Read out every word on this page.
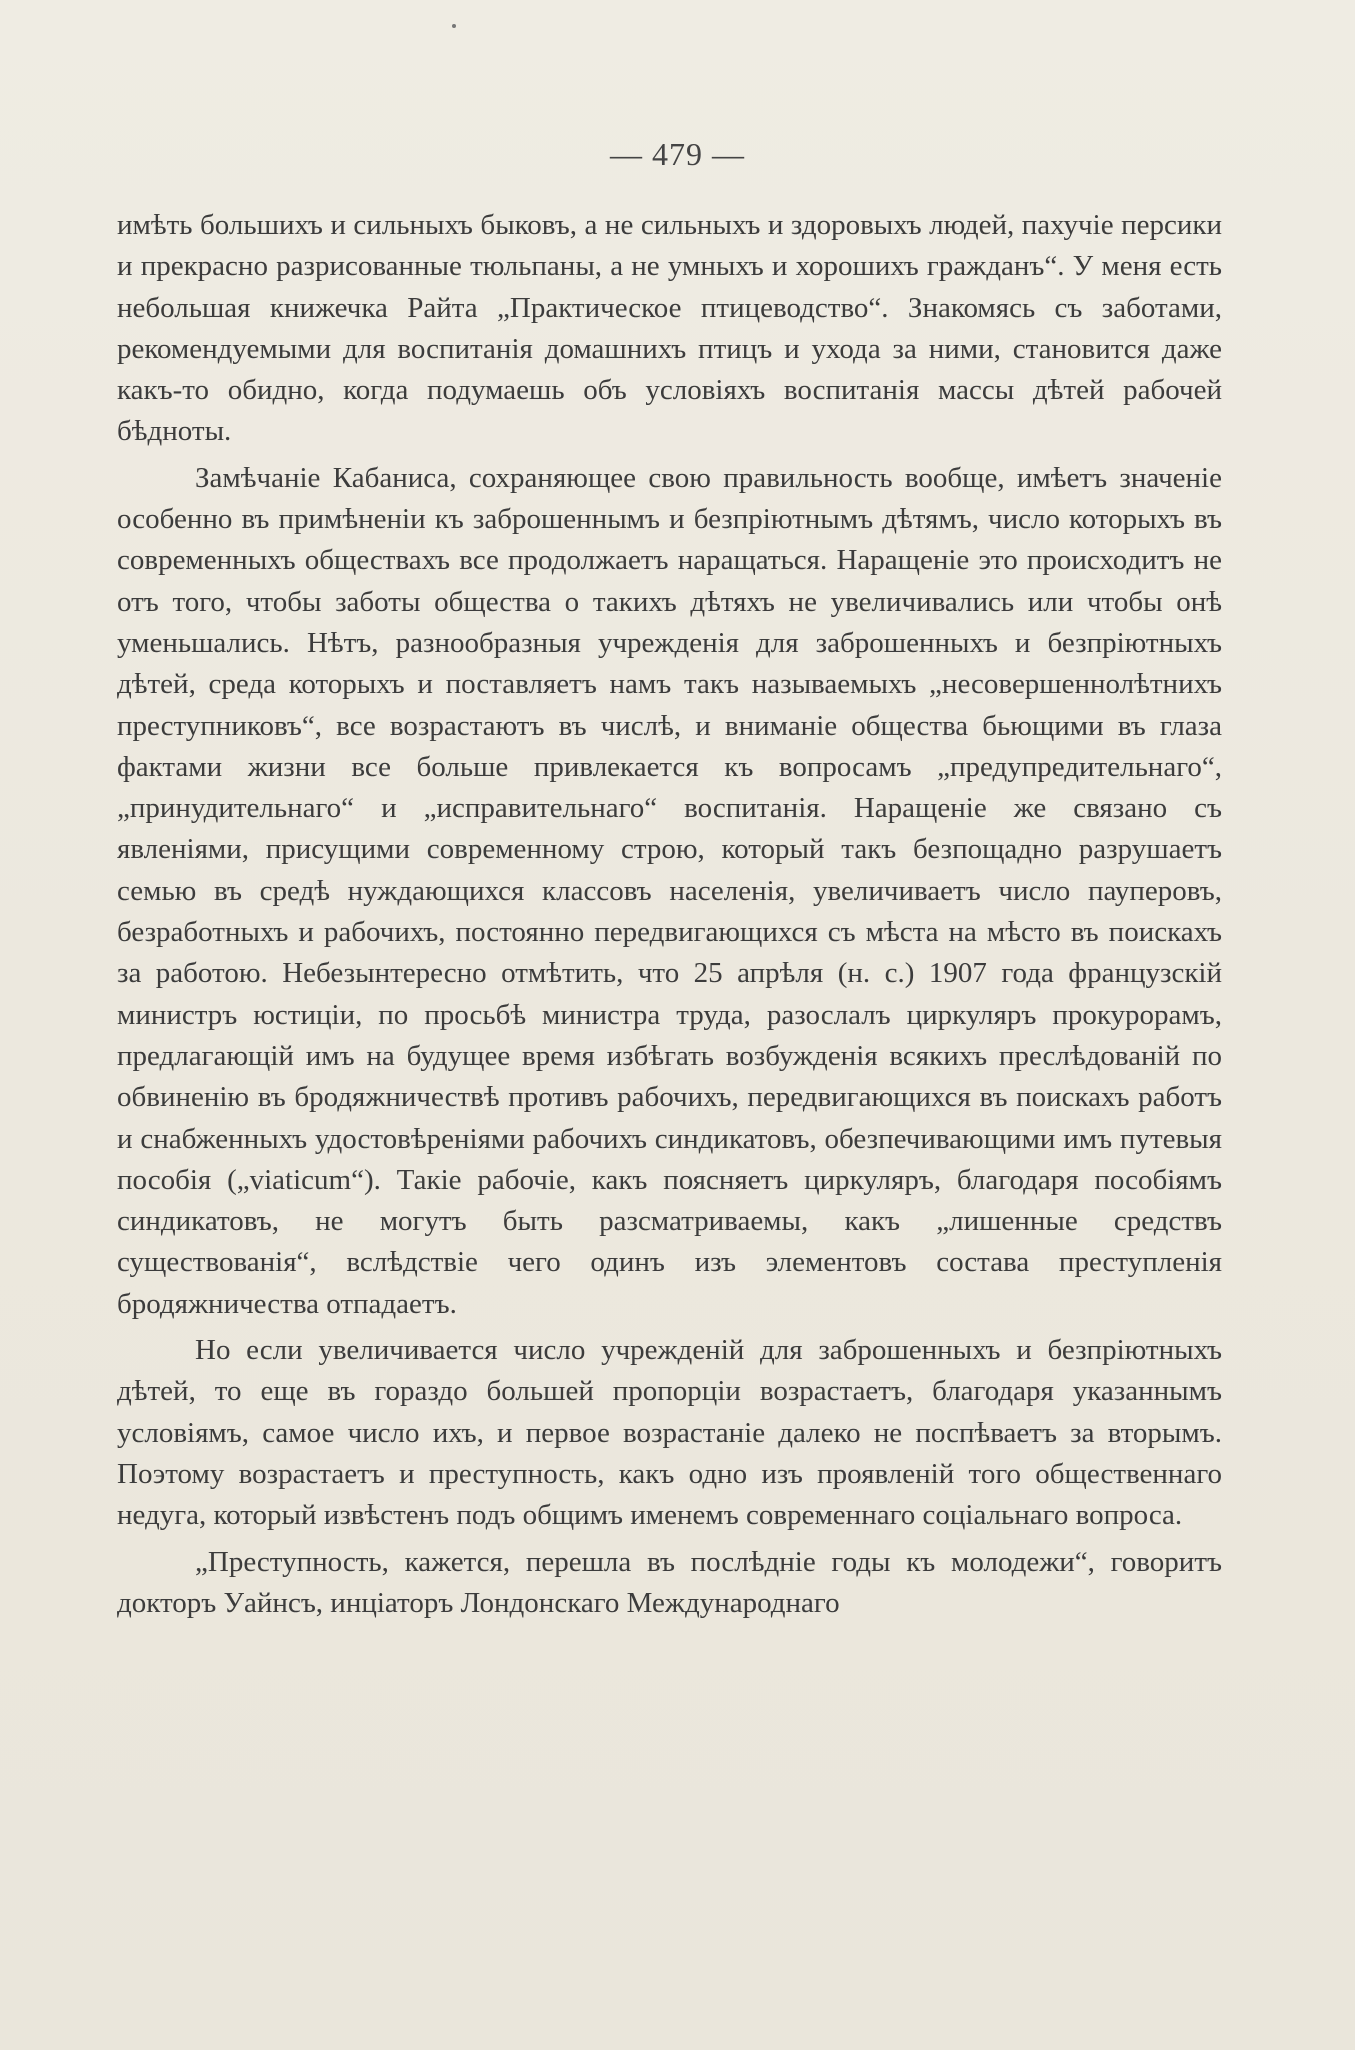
— 479 —

имѣть большихъ и сильныхъ быковъ, а не сильныхъ и здоровыхъ людей, пахучіе персики и прекрасно разрисованные тюльпаны, а не умныхъ и хорошихъ гражданъ“. У меня есть небольшая книжечка Райта „Практическое птицеводство“. Знакомясь съ заботами, рекомендуемыми для воспитанія домашнихъ птицъ и ухода за ними, становится даже какъ-то обидно, когда подумаешь объ условіяхъ воспитанія массы дѣтей рабочей бѣдноты.

Замѣчаніе Кабаниса, сохраняющее свою правильность вообще, имѣетъ значеніе особенно въ примѣненіи къ заброшеннымъ и безпріютнымъ дѣтямъ, число которыхъ въ современныхъ обществахъ все продолжаетъ наращаться. Наращеніе это происходитъ не отъ того, чтобы заботы общества о такихъ дѣтяхъ не увеличивались или чтобы онѣ уменьшались. Нѣтъ, разнообразныя учрежденія для заброшенныхъ и безпріютныхъ дѣтей, среда которыхъ и поставляетъ намъ такъ называемыхъ „несовершеннолѣтнихъ преступниковъ“, все возрастаютъ въ числѣ, и вниманіе общества бьющими въ глаза фактами жизни все больше привлекается къ вопросамъ „предупредительнаго“, „принудительнаго“ и „исправительнаго“ воспитанія. Наращеніе же связано съ явленіями, присущими современному строю, который такъ безпощадно разрушаетъ семью въ средѣ нуждающихся классовъ населенія, увеличиваетъ число пауперовъ, безработныхъ и рабочихъ, постоянно передвигающихся съ мѣста на мѣсто въ поискахъ за работою. Небезынтересно отмѣтить, что 25 апрѣля (н. с.) 1907 года французскій министръ юстиціи, по просьбѣ министра труда, разослалъ циркуляръ прокурорамъ, предлагающій имъ на будущее время избѣгать возбужденія всякихъ преслѣдованій по обвиненію въ бродяжничествѣ противъ рабочихъ, передвигающихся въ поискахъ работъ и снабженныхъ удостовѣреніями рабочихъ синдикатовъ, обезпечивающими имъ путевыя пособія („viaticum“). Такіе рабочіе, какъ поясняетъ циркуляръ, благодаря пособіямъ синдикатовъ, не могутъ быть разсматриваемы, какъ „лишенные средствъ существованія“, вслѣдствіе чего одинъ изъ элементовъ состава преступленія бродяжничества отпадаетъ.

Но если увеличивается число учрежденій для заброшенныхъ и безпріютныхъ дѣтей, то еще въ гораздо большей пропорціи возрастаетъ, благодаря указаннымъ условіямъ, самое число ихъ, и первое возрастаніе далеко не поспѣваетъ за вторымъ. Поэтому возрастаетъ и преступность, какъ одно изъ проявленій того общественнаго недуга, который извѣстенъ подъ общимъ именемъ современнаго соціальнаго вопроса.

„Преступность, кажется, перешла въ послѣдніе годы къ молодежи“, говоритъ докторъ Уайнсъ, инціаторъ Лондонскаго Международнаго
